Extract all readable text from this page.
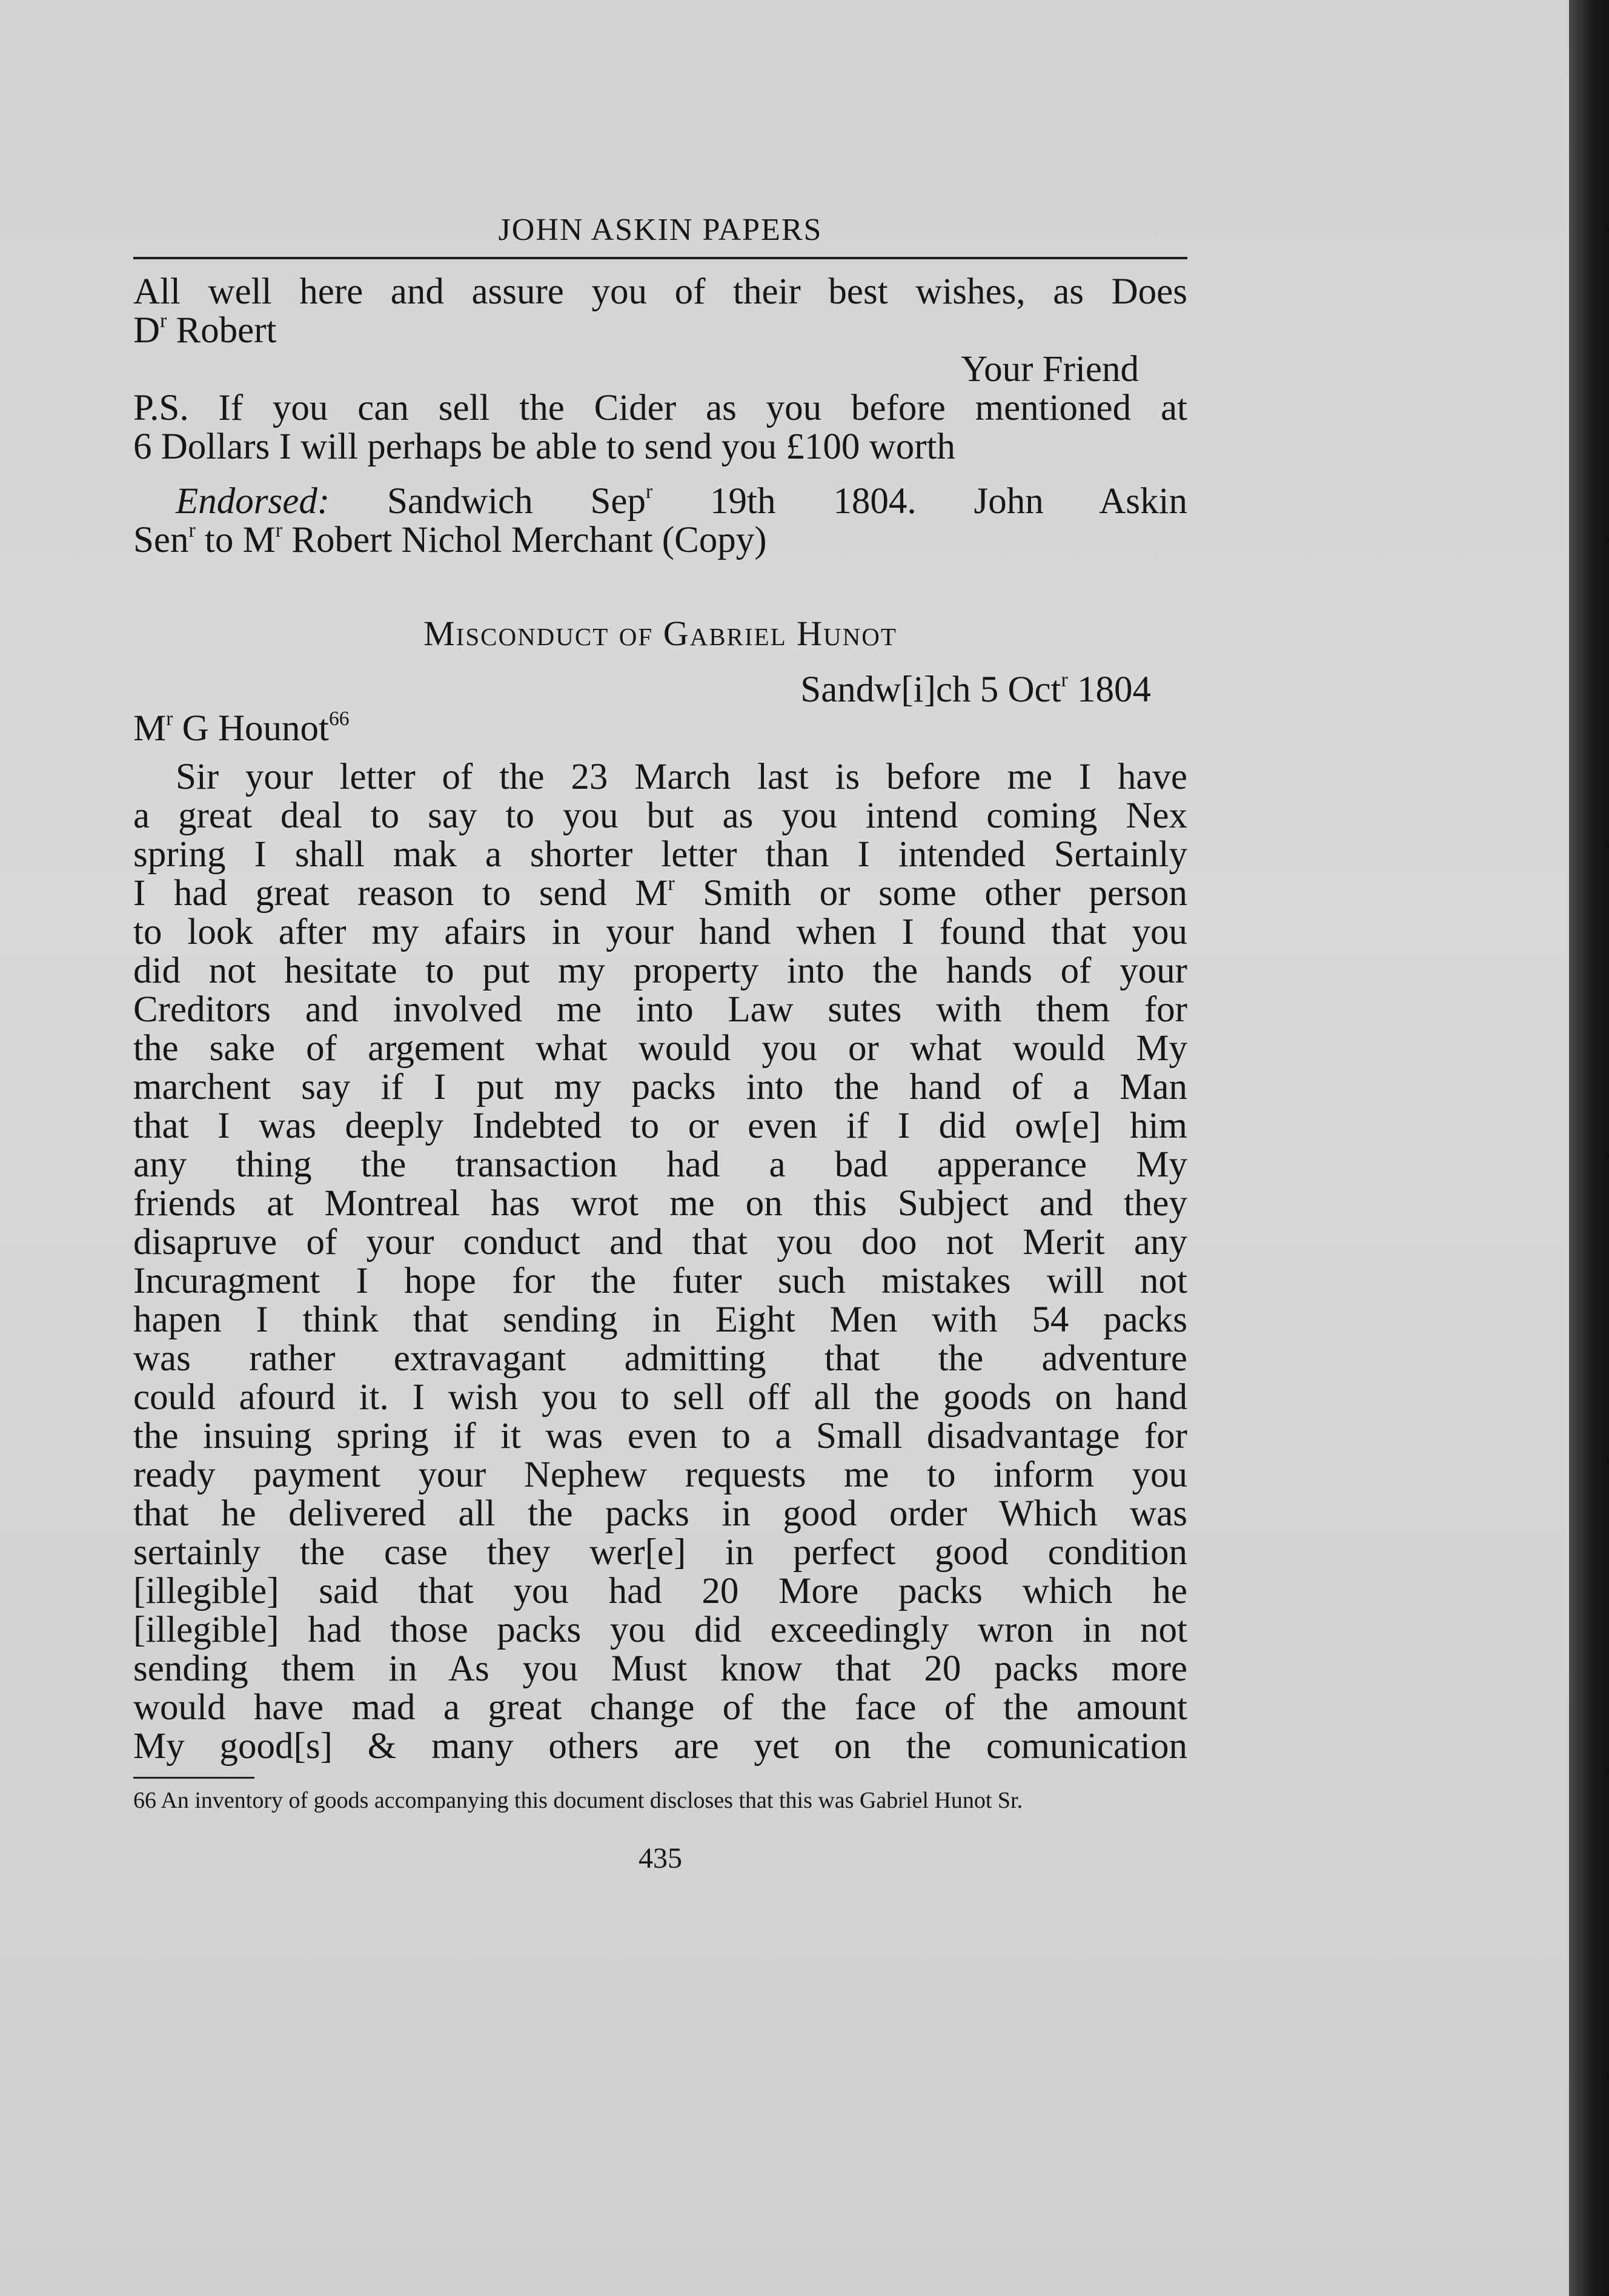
JOHN ASKIN PAPERS
All well here and assure you of their best wishes, as Does
$D^r$ Robert
Your Friend
P.S. If you can sell the Cider as you before mentioned at
6 Dollars I will perhaps be able to send you £100 worth
Endorsed: Sandwich Sep$^r$ 19th 1804. John Askin
Sen$^r$ to $M^r$ Robert Nichol Merchant (Copy)
Misconduct of Gabriel Hunot
Sandw[i]ch 5 Oct$^r$ 1804
$M^r$ G Hounot$^{66}$
Sir your letter of the 23 March last is before me I have
a great deal to say to you but as you intend coming Nex
spring I shall mak a shorter letter than I intended Sertainly
I had great reason to send $M^r$ Smith or some other person
to look after my afairs in your hand when I found that you
did not hesitate to put my property into the hands of your
Creditors and involved me into Law sutes with them for
the sake of argement what would you or what would My
marchent say if I put my packs into the hand of a Man
that I was deeply Indebted to or even if I did ow[e] him
any thing the transaction had a bad apperance My
friends at Montreal has wrot me on this Subject and they
disapruve of your conduct and that you doo not Merit any
Incuragment I hope for the futer such mistakes will not
hapen I think that sending in Eight Men with 54 packs
was rather extravagant admitting that the adventure
could afourd it. I wish you to sell off all the goods on hand
the insuing spring if it was even to a Small disadvantage for
ready payment your Nephew requests me to inform you
that he delivered all the packs in good order Which was
sertainly the case they wer[e] in perfect good condition
[illegible] said that you had 20 More packs which he
[illegible] had those packs you did exceedingly wron in not
sending them in As you Must know that 20 packs more
would have mad a great change of the face of the amount
My good[s] & many others are yet on the comunication
66 An inventory of goods accompanying this document discloses that this was Gabriel Hunot Sr.
435
